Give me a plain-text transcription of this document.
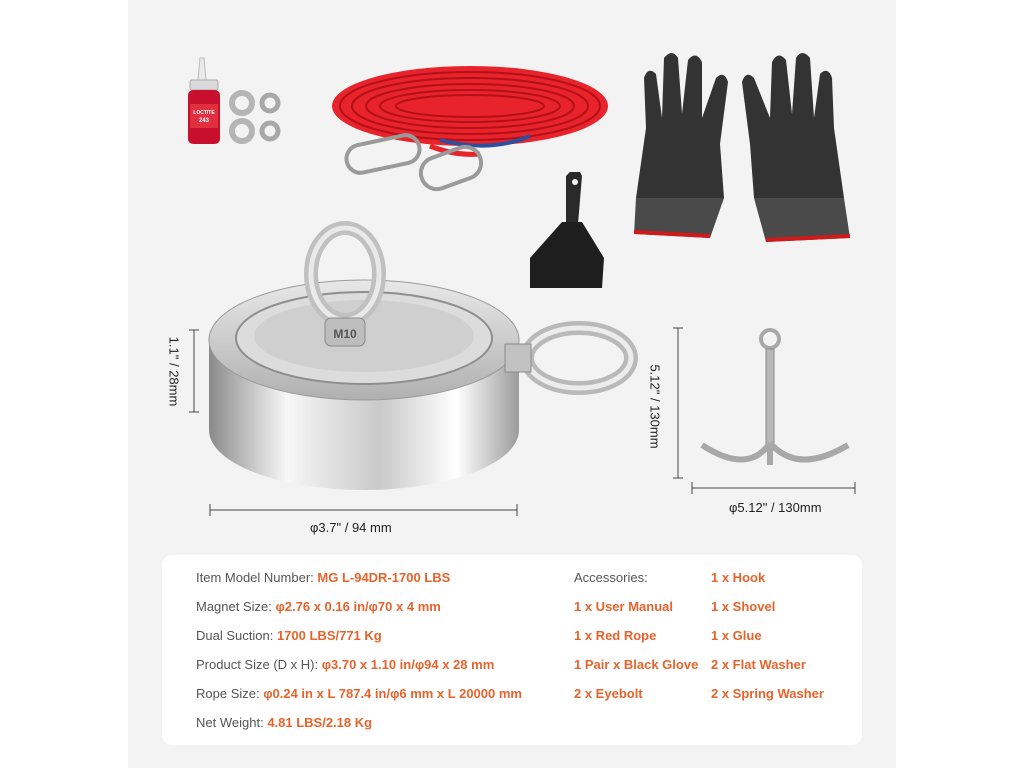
LOCTITE
243
M10
1.1" / 28mm
φ3.7" / 94 mm
5.12" / 130mm
φ5.12" / 130mm
Item Model Number: MG L-94DR-1700 LBS
Magnet Size: φ2.76 x 0.16 in/φ70 x 4 mm
Dual Suction: 1700 LBS/771 Kg
Product Size (D x H): φ3.70 x 1.10 in/φ94 x 28 mm
Rope Size: φ0.24 in x L 787.4 in/φ6 mm x L 20000 mm
Net Weight: 4.81 LBS/2.18 Kg
Accessories:
1 x User Manual
1 x Red Rope
1 Pair x Black Glove
2 x Eyebolt
1 x Hook
1 x Shovel
1 x Glue
2 x Flat Washer
2 x Spring Washer
